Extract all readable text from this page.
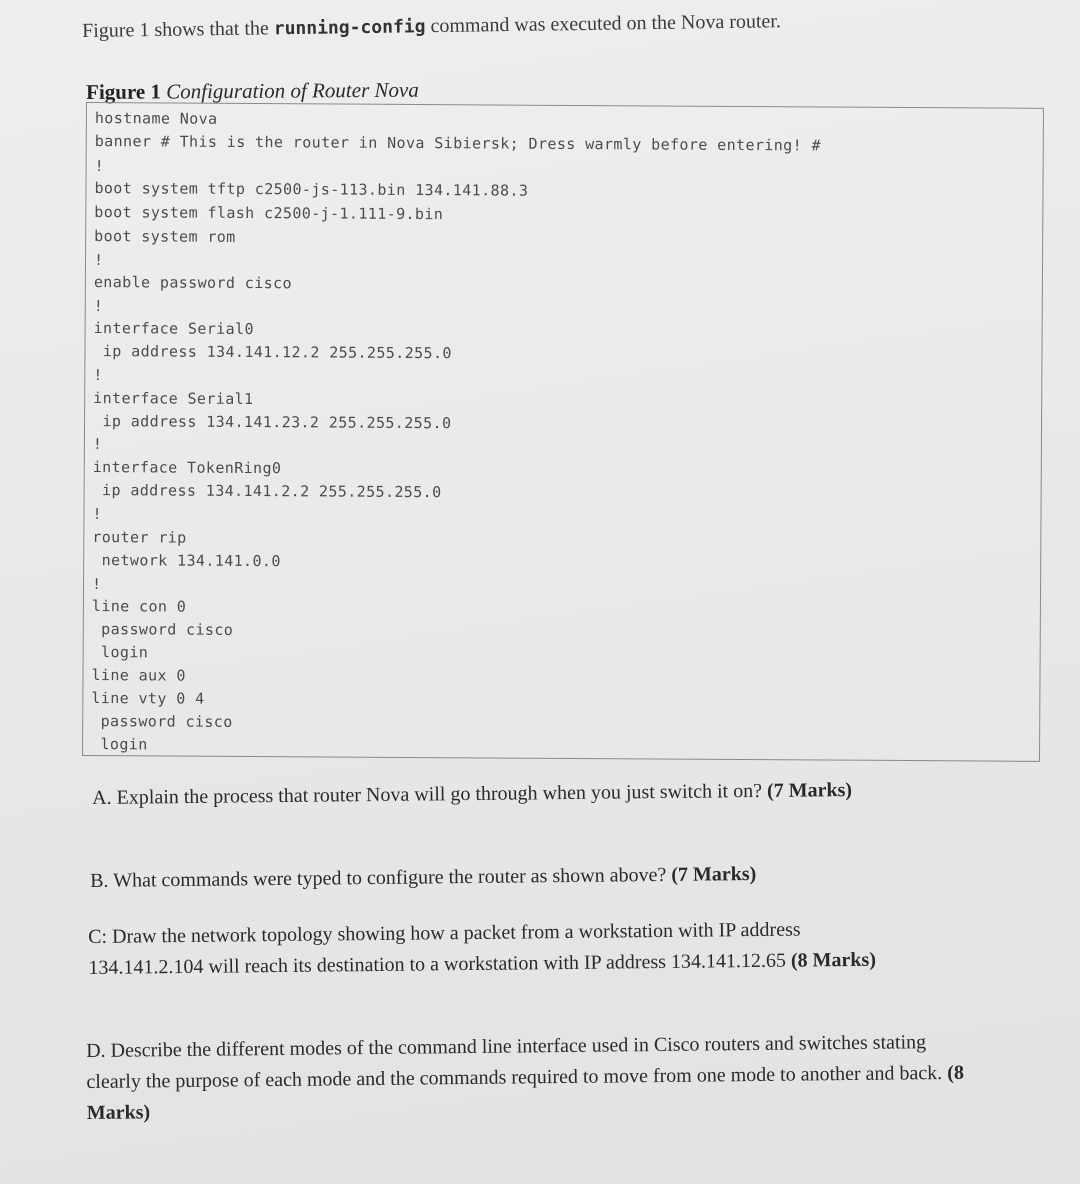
Figure 1 shows that the running-config command was executed on the Nova router.
Figure 1 Configuration of Router Nova
hostname Nova
banner # This is the router in Nova Sibiersk; Dress warmly before entering! #
!
boot system tftp c2500-js-113.bin 134.141.88.3
boot system flash c2500-j-1.111-9.bin
boot system rom
!
enable password cisco
!
interface Serial0
ip address 134.141.12.2 255.255.255.0
!
interface Serial1
ip address 134.141.23.2 255.255.255.0
!
interface TokenRing0
ip address 134.141.2.2 255.255.255.0
!
router rip
network 134.141.0.0
!
line con 0
password cisco
login
line aux 0
line vty 0 4
password cisco
login
A. Explain the process that router Nova will go through when you just switch it on? (7 Marks)
B. What commands were typed to configure the router as shown above? (7 Marks)
C: Draw the network topology showing how a packet from a workstation with IP address 134.141.2.104 will reach its destination to a workstation with IP address 134.141.12.65 (8 Marks)
D. Describe the different modes of the command line interface used in Cisco routers and switches stating clearly the purpose of each mode and the commands required to move from one mode to another and back. (8 Marks)
